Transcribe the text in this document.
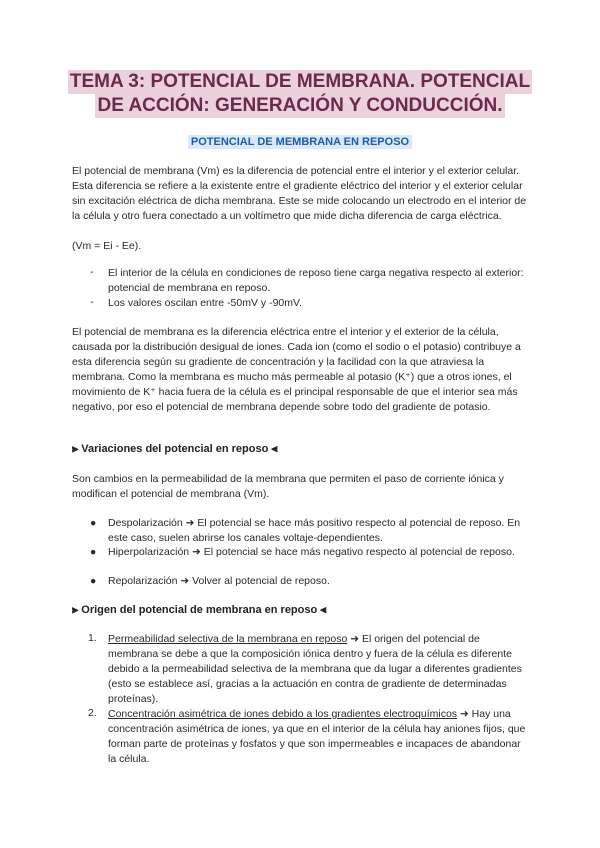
TEMA 3: POTENCIAL DE MEMBRANA. POTENCIAL
DE ACCIÓN: GENERACIÓN Y CONDUCCIÓN.
POTENCIAL DE MEMBRANA EN REPOSO
El potencial de membrana (Vm) es la diferencia de potencial entre el interior y el exterior celular. Esta diferencia se refiere a la existente entre el gradiente eléctrico del interior y el exterior celular sin excitación eléctrica de dicha membrana. Este se mide colocando un electrodo en el interior de la célula y otro fuera conectado a un voltímetro que mide dicha diferencia de carga eléctrica.
(Vm = Ei - Ee).
- El interior de la célula en condiciones de reposo tiene carga negativa respecto al exterior: potencial de membrana en reposo.
- Los valores oscilan entre -50mV y -90mV.
El potencial de membrana es la diferencia eléctrica entre el interior y el exterior de la célula, causada por la distribución desigual de iones. Cada ion (como el sodio o el potasio) contribuye a esta diferencia según su gradiente de concentración y la facilidad con la que atraviesa la membrana. Como la membrana es mucho más permeable al potasio (K⁺) que a otros iones, el movimiento de K⁺ hacia fuera de la célula es el principal responsable de que el interior sea más negativo, por eso el potencial de membrana depende sobre todo del gradiente de potasio.
⫸ Variaciones del potencial en reposo ⫷
Son cambios en la permeabilidad de la membrana que permiten el paso de corriente iónica y modifican el potencial de membrana (Vm).
● Despolarización ➜ El potencial se hace más positivo respecto al potencial de reposo. En este caso, suelen abrirse los canales voltaje-dependientes.
● Hiperpolarización ➜ El potencial se hace más negativo respecto al potencial de reposo.
● Repolarización ➜ Volver al potencial de reposo.
⫸ Origen del potencial de membrana en reposo ⫷
1. Permeabilidad selectiva de la membrana en reposo ➜ El origen del potencial de membrana se debe a que la composición iónica dentro y fuera de la célula es diferente debido a la permeabilidad selectiva de la membrana que da lugar a diferentes gradientes (esto se establece así, gracias a la actuación en contra de gradiente de determinadas proteínas).
2. Concentración asimétrica de iones debido a los gradientes electroquímicos ➜ Hay una concentración asimétrica de iones, ya que en el interior de la célula hay aniones fijos, que forman parte de proteínas y fosfatos y que son impermeables e incapaces de abandonar la célula.
